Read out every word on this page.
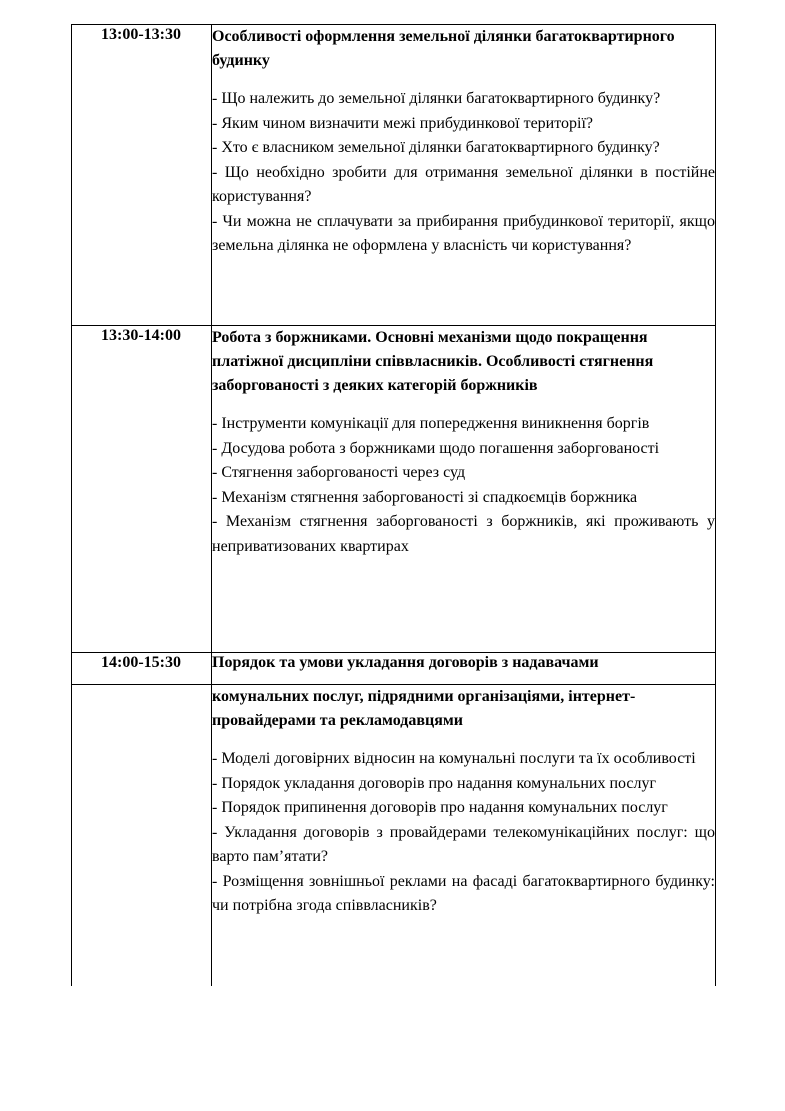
13:00-13:30	Особливості оформлення земельної ділянки багатоквартирного будинку
- Що належить до земельної ділянки багатоквартирного будинку?
- Яким чином визначити межі прибудинкової території?
- Хто є власником земельної ділянки багатоквартирного будинку?
- Що необхідно зробити для отримання земельної ділянки в постійне користування?
- Чи можна не сплачувати за прибирання прибудинкової території, якщо земельна ділянка не оформлена у власність чи користування?
13:30-14:00	Робота з боржниками. Основні механізми щодо покращення платіжної дисципліни співвласників. Особливості стягнення заборгованості з деяких категорій боржників
- Інструменти комунікації для попередження виникнення боргів
- Досудова робота з боржниками щодо погашення заборгованості
- Стягнення заборгованості через суд
- Механізм стягнення заборгованості зі спадкоємців боржника
- Механізм стягнення заборгованості з боржників, які проживають у неприватизованих квартирах
14:00-15:30	Порядок та умови укладання договорів з надавачами
комунальних послуг, підрядними організаціями, інтернет-провайдерами та рекламодавцями
- Моделі договірних відносин на комунальні послуги та їх особливості
- Порядок укладання договорів про надання комунальних послуг
- Порядок припинення договорів про надання комунальних послуг
- Укладання договорів з провайдерами телекомунікаційних послуг: що варто пам’ятати?
- Розміщення зовнішньої реклами на фасаді багатоквартирного будинку: чи потрібна згода співвласників?
